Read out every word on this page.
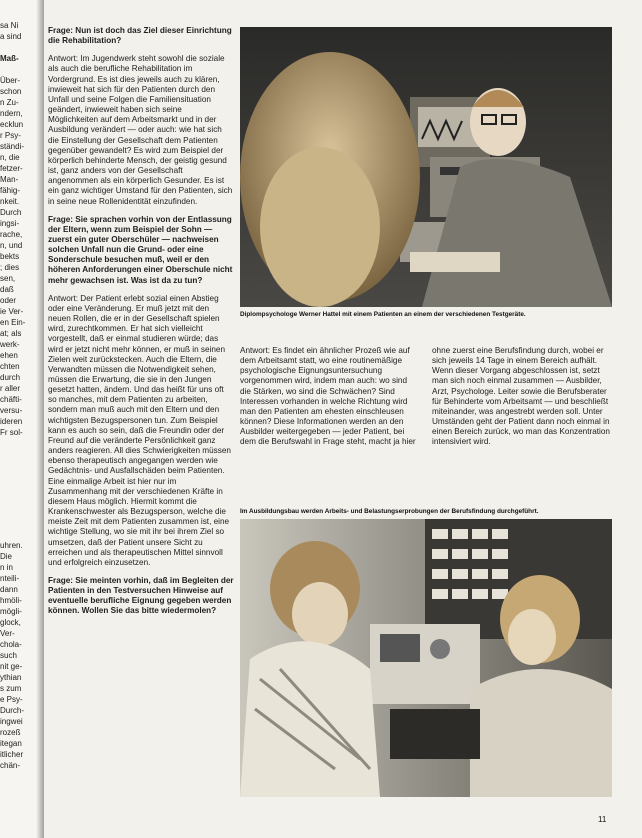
sa Ni
a sind
Maß-
Über-
schon
n Zu-
ndern,
ecklun
r Psy-
ständi-
n, die
fetzer-
Man-
fähig-
nkeit.
Durch
ingsi-
rache,
n, und
bekts
; dies
sen,
daß
oder
ie Ver-
en Ein-
at; als
werk-
ehen
chten
durch
r aller
chäfti-
versu-
ideren
Fr sol-
uhren.
Die
n in
nteili-
dann
hmöli-
mögli-
glock,
Ver-
chola-
such
nit ge-
ythian
s zum
e Psy-
Durch-
ingwei
rozeß
itegan
itlicher
chän-

Frage: Nun ist doch das Ziel dieser Einrichtung die Rehabilitation?

Antwort: Im Jugendwerk steht sowohl die soziale als auch die berufliche Rehabilitation im Vordergrund. Es ist dies jeweils auch zu klären, inwieweit hat sich für den Patienten durch den Unfall und seine Folgen die Familiensituation geändert, inwieweit haben sich seine Möglichkeiten auf dem Arbeitsmarkt und in der Ausbildung verändert — oder auch: wie hat sich die Einstellung der Gesellschaft dem Patienten gegenüber gewandelt? Es wird zum Beispiel der körperlich behinderte Mensch, der geistig gesund ist, ganz anders von der Gesellschaft angenommen als ein körperlich Gesunder. Es ist ein ganz wichtiger Umstand für den Patienten, sich in seine neue Rollenidentität einzufinden.

Frage: Sie sprachen vorhin von der Entlassung der Eltern, wenn zum Beispiel der Sohn — zuerst ein guter Oberschüler — nachweisen solchen Unfall nun die Grund- oder eine Sonderschule besuchen muß, weil er den höheren Anforderungen einer Oberschule nicht mehr gewachsen ist. Was ist da zu tun?

Antwort: Der Patient erlebt sozial einen Abstieg oder eine Veränderung. Er muß jetzt mit den neuen Rollen, die er in der Gesellschaft spielen wird, zurechtkommen. Er hat sich vielleicht vorgestellt, daß er einmal studieren würde; das wird er jetzt nicht mehr können, er muß in seinen Zielen weit zurückstecken. Auch die Eltern, die Verwandten müssen die Notwendigkeit sehen, müssen die Erwartung, die sie in den Jungen gesetzt hatten, ändern. Und das heißt für uns oft so manches, mit dem Patienten zu arbeiten, sondern man muß auch mit den Eltern und den wichtigsten Bezugspersonen tun. Zum Beispiel kann es auch so sein, daß die Freundin oder der Freund auf die veränderte Persönlichkeit ganz anders reagieren. All dies Schwierigkeiten müssen ebenso therapeutisch angegangen werden wie Gedächtnis- und Ausfallschäden beim Patienten. Eine einmalige Arbeit ist hier nur im Zusammenhang mit der verschiedenen Kräfte in diesem Haus möglich. Hiermit kommt die Krankenschwester als Bezugsperson, welche die meiste Zeit mit dem Patienten zusammen ist, eine wichtige Stellung, wo sie mit ihr bei ihrem Ziel so umsetzen, daß der Patient unsere Sicht zu erreichen und als therapeutischen Mittel sinnvoll und erfolgreich einzusetzen.

Frage: Sie meinten vorhin, daß im Begleiten der Patienten in den Testversuchen Hinweise auf eventuelle berufliche Eignung gegeben werden können. Wollen Sie das bitte wiedermolen?

Diplompsychologe Werner Hattel mit einem Patienten an einem der verschiedenen Testgeräte.

Antwort: Es findet ein ähnlicher Prozeß wie auf dem Arbeitsamt statt, wo eine routinemäßige psychologische Eignungsuntersuchung vorgenommen wird, indem man auch: wo sind die Stärken, wo sind die Schwächen? Sind Interessen vorhanden in welche Richtung wird man den Patienten am ehesten einschleusen können? Diese Informationen werden an den Ausbilder weitergegeben — jeder Patient, bei dem die Berufswahl in Frage steht, macht ja hier

ohne zuerst eine Berufsfindung durch, wobei er sich jeweils 14 Tage in einem Bereich aufhält. Wenn dieser Vorgang abgeschlossen ist, setzt man sich noch einmal zusammen — Ausbilder, Arzt, Psychologe. Leiter sowie die Berufsberater für Behinderte vom Arbeitsamt — und beschließt miteinander, was angestrebt werden soll. Unter Umständen geht der Patient dann noch einmal in einen Bereich zurück, wo man das Konzentration intensiviert wird.

Im Ausbildungsbau werden Arbeits- und Belastungserprobungen der Berufsfindung durchgeführt.
11
